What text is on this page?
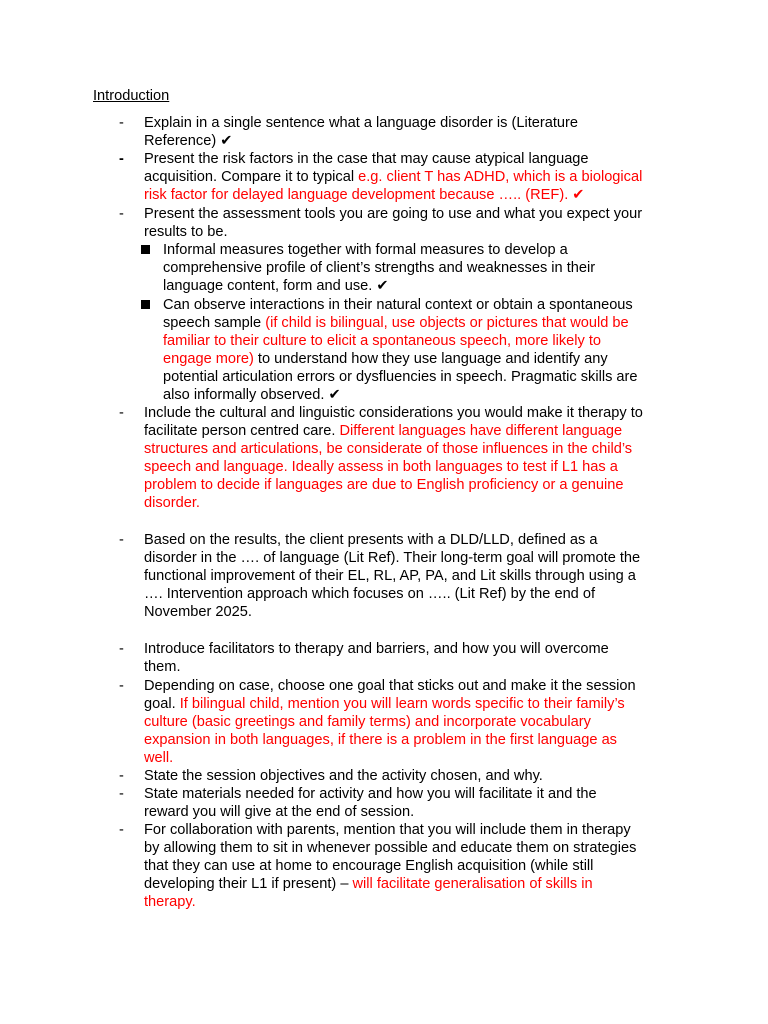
Introduction
- Explain in a single sentence what a language disorder is (Literature
Reference) ✔
- Present the risk factors in the case that may cause atypical language
acquisition. Compare it to typical e.g. client T has ADHD, which is a biological
risk factor for delayed language development because ….. (REF). ✔
- Present the assessment tools you are going to use and what you expect your
results to be.
Informal measures together with formal measures to develop a
comprehensive profile of client’s strengths and weaknesses in their
language content, form and use. ✔
Can observe interactions in their natural context or obtain a spontaneous
speech sample (if child is bilingual, use objects or pictures that would be
familiar to their culture to elicit a spontaneous speech, more likely to
engage more) to understand how they use language and identify any
potential articulation errors or dysfluencies in speech. Pragmatic skills are
also informally observed. ✔
- Include the cultural and linguistic considerations you would make it therapy to
facilitate person centred care. Different languages have different language
structures and articulations, be considerate of those influences in the child’s
speech and language. Ideally assess in both languages to test if L1 has a
problem to decide if languages are due to English proficiency or a genuine
disorder.
- Based on the results, the client presents with a DLD/LLD, defined as a
disorder in the …. of language (Lit Ref). Their long-term goal will promote the
functional improvement of their EL, RL, AP, PA, and Lit skills through using a
…. Intervention approach which focuses on ….. (Lit Ref) by the end of
November 2025.
- Introduce facilitators to therapy and barriers, and how you will overcome
them.
- Depending on case, choose one goal that sticks out and make it the session
goal. If bilingual child, mention you will learn words specific to their family’s
culture (basic greetings and family terms) and incorporate vocabulary
expansion in both languages, if there is a problem in the first language as
well.
- State the session objectives and the activity chosen, and why.
- State materials needed for activity and how you will facilitate it and the
reward you will give at the end of session.
- For collaboration with parents, mention that you will include them in therapy
by allowing them to sit in whenever possible and educate them on strategies
that they can use at home to encourage English acquisition (while still
developing their L1 if present) – will facilitate generalisation of skills in
therapy.
